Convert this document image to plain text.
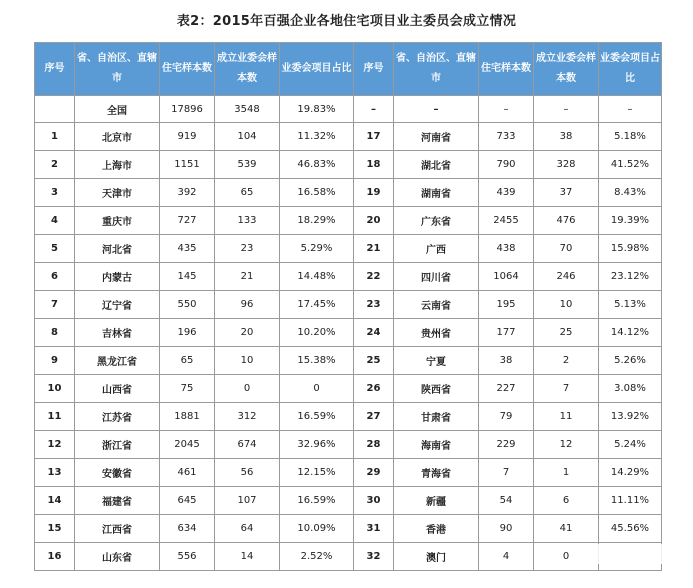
表2：2015年百强企业各地住宅项目业主委员会成立情况
序号	省、自治区、直辖市	住宅样本数	成立业委会样本数	业委会项目占比	序号	省、自治区、直辖市	住宅样本数	成立业委会样本数	业委会项目占比
	全国	17896	3548	19.83%	–	–	–	–	–
1	北京市	919	104	11.32%	17	河南省	733	38	5.18%
2	上海市	1151	539	46.83%	18	湖北省	790	328	41.52%
3	天津市	392	65	16.58%	19	湖南省	439	37	8.43%
4	重庆市	727	133	18.29%	20	广东省	2455	476	19.39%
5	河北省	435	23	5.29%	21	广西	438	70	15.98%
6	内蒙古	145	21	14.48%	22	四川省	1064	246	23.12%
7	辽宁省	550	96	17.45%	23	云南省	195	10	5.13%
8	吉林省	196	20	10.20%	24	贵州省	177	25	14.12%
9	黑龙江省	65	10	15.38%	25	宁夏	38	2	5.26%
10	山西省	75	0	0	26	陕西省	227	7	3.08%
11	江苏省	1881	312	16.59%	27	甘肃省	79	11	13.92%
12	浙江省	2045	674	32.96%	28	海南省	229	12	5.24%
13	安徽省	461	56	12.15%	29	青海省	7	1	14.29%
14	福建省	645	107	16.59%	30	新疆	54	6	11.11%
15	江西省	634	64	10.09%	31	香港	90	41	45.56%
16	山东省	556	14	2.52%	32	澳门	4	0	
